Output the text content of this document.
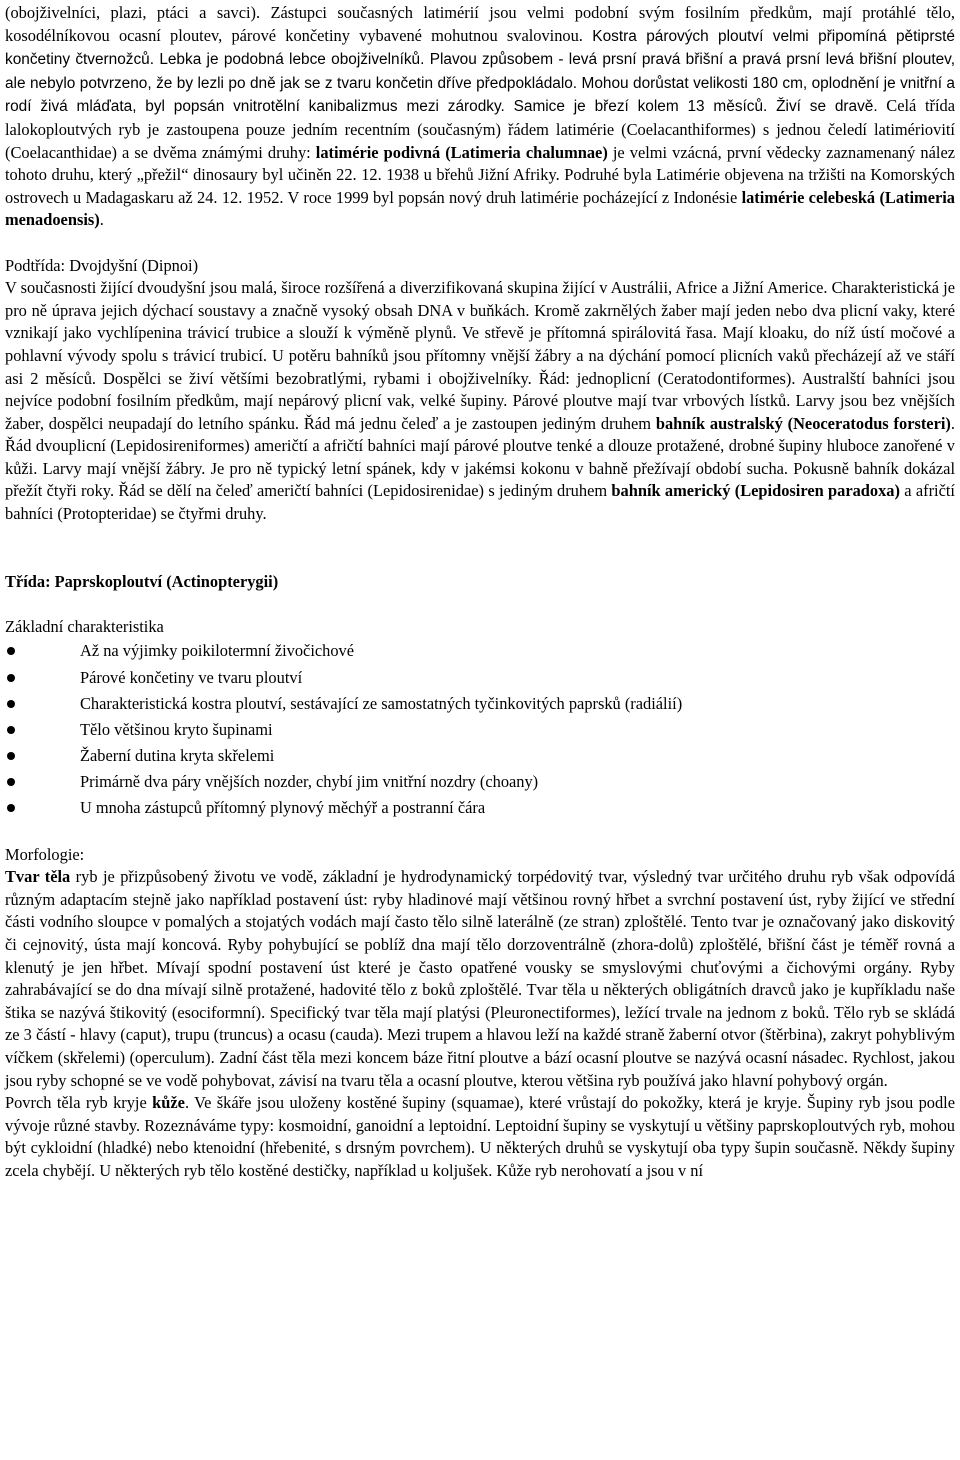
(obojživelníci, plazi, ptáci a savci). Zástupci současných latimérií jsou velmi podobní svým fosilním předkům, mají protáhlé tělo, kosodélníkovou ocasní ploutev, párové končetiny vybavené mohutnou svalovinou. Kostra párových ploutví velmi připomíná pětiprsté končetiny čtvernožců. Lebka je podobná lebce obojživelníků. Plavou způsobem - levá prsní pravá břišní a pravá prsní levá břišní ploutev, ale nebylo potvrzeno, že by lezli po dně jak se z tvaru končetin dříve předpokládalo. Mohou dorůstat velikosti 180 cm, oplodnění je vnitřní a rodí živá mláďata, byl popsán vnitrotělní kanibalizmus mezi zárodky. Samice je březí kolem 13 měsíců. Živí se dravě. Celá třída lalokoploutvých ryb je zastoupena pouze jedním recentním (současným) řádem latimérie (Coelacanthiformes) s jednou čeledí latimériovití (Coelacanthidae) a se dvěma známými druhy: latimérie podivná (Latimeria chalumnae) je velmi vzácná, první vědecky zaznamenaný nález tohoto druhu, který „přežil“ dinosaury byl učiněn 22. 12. 1938 u břehů Jižní Afriky. Podruhé byla Latimérie objevena na tržišti na Komorských ostrovech u Madagaskaru až 24. 12. 1952. V roce 1999 byl popsán nový druh latimérie pocházející z Indonésie latimérie celebeská (Latimeria menadoensis).

Podtřída: Dvojdyšní (Dipnoi)

V současnosti žijící dvoudyšní jsou malá, široce rozšířená a diverzifikovaná skupina žijící v Austrálii, Africe a Jižní Americe. Charakteristická je pro ně úprava jejich dýchací soustavy a značně vysoký obsah DNA v buňkách. Kromě zakrnělých žaber mají jeden nebo dva plicní vaky, které vznikají jako vychlípenina trávicí trubice a slouží k výměně plynů. Ve střevě je přítomná spirálovitá řasa. Mají kloaku, do níž ústí močové a pohlavní vývody spolu s trávicí trubicí. U potěru bahníků jsou přítomny vnější žábry a na dýchání pomocí plicních vaků přecházejí až ve stáří asi 2 měsíců. Dospělci se živí většími bezobratlými, rybami i obojživelníky. Řád: jednoplicní (Ceratodontiformes). Australští bahníci jsou nejvíce podobní fosilním předkům, mají nepárový plicní vak, velké šupiny. Párové ploutve mají tvar vrbových lístků. Larvy jsou bez vnějších žaber, dospělci neupadají do letního spánku. Řád má jednu čeleď a je zastoupen jediným druhem bahník australský (Neoceratodus forsteri). Řád dvouplicní (Lepidosireniformes) američtí a afričtí bahníci mají párové ploutve tenké a dlouze protažené, drobné šupiny hluboce zanořené v kůži. Larvy mají vnější žábry. Je pro ně typický letní spánek, kdy v jakémsi kokonu v bahně přežívají období sucha. Pokusně bahník dokázal přežít čtyři roky. Řád se dělí na čeleď američtí bahníci (Lepidosirenidae) s jediným druhem bahník americký (Lepidosiren paradoxa) a afričtí bahníci (Protopteridae) se čtyřmi druhy.

Třída: Paprskoploutví (Actinopterygii)

Základní charakteristika

Až na výjimky poikilotermní živočichové
Párové končetiny ve tvaru ploutví
Charakteristická kostra ploutví, sestávající ze samostatných tyčinkovitých paprsků (radiálií)
Tělo většinou kryto šupinami
Žaberní dutina kryta skřelemi
Primárně dva páry vnějších nozder, chybí jim vnitřní nozdry (choany)
U mnoha zástupců přítomný plynový měchýř a postranní čára

Morfologie:

Tvar těla ryb je přizpůsobený životu ve vodě, základní je hydrodynamický torpédovitý tvar, výsledný tvar určitého druhu ryb však odpovídá různým adaptacím stejně jako například postavení úst: ryby hladinové mají většinou rovný hřbet a svrchní postavení úst, ryby žijící ve střední části vodního sloupce v pomalých a stojatých vodách mají často tělo silně laterálně (ze stran) zploštělé. Tento tvar je označovaný jako diskovitý či cejnovitý, ústa mají koncová. Ryby pohybující se poblíž dna mají tělo dorzoventrálně (zhora-dolů) zploštělé, břišní část je téměř rovná a klenutý je jen hřbet. Mívají spodní postavení úst které je často opatřené vousky se smyslovými chuťovými a čichovými orgány. Ryby zahrabávající se do dna mívají silně protažené, hadovité tělo z boků zploštělé. Tvar těla u některých obligátních dravců jako je kupříkladu naše štika se nazývá štikovitý (esociformní). Specifický tvar těla mají platýsi (Pleuronectiformes), ležící trvale na jednom z boků. Tělo ryb se skládá ze 3 částí - hlavy (caput), trupu (truncus) a ocasu (cauda). Mezi trupem a hlavou leží na každé straně žaberní otvor (štěrbina), zakryt pohyblivým víčkem (skřelemi) (operculum). Zadní část těla mezi koncem báze řitní ploutve a bází ocasní ploutve se nazývá ocasní násadec. Rychlost, jakou jsou ryby schopné se ve vodě pohybovat, závisí na tvaru těla a ocasní ploutve, kterou většina ryb používá jako hlavní pohybový orgán.

Povrch těla ryb kryje kůže. Ve škáře jsou uloženy kostěné šupiny (squamae), které vrůstají do pokožky, která je kryje. Šupiny ryb jsou podle vývoje různé stavby. Rozeznáváme typy: kosmoidní, ganoidní a leptoidní. Leptoidní šupiny se vyskytují u většiny paprskoploutvých ryb, mohou být cykloidní (hladké) nebo ktenoidní (hřebenité, s drsným povrchem). U některých druhů se vyskytují oba typy šupin současně. Někdy šupiny zcela chybějí. U některých ryb tělo kostěné destičky, například u koljušek. Kůže ryb nerohovatí a jsou v ní
